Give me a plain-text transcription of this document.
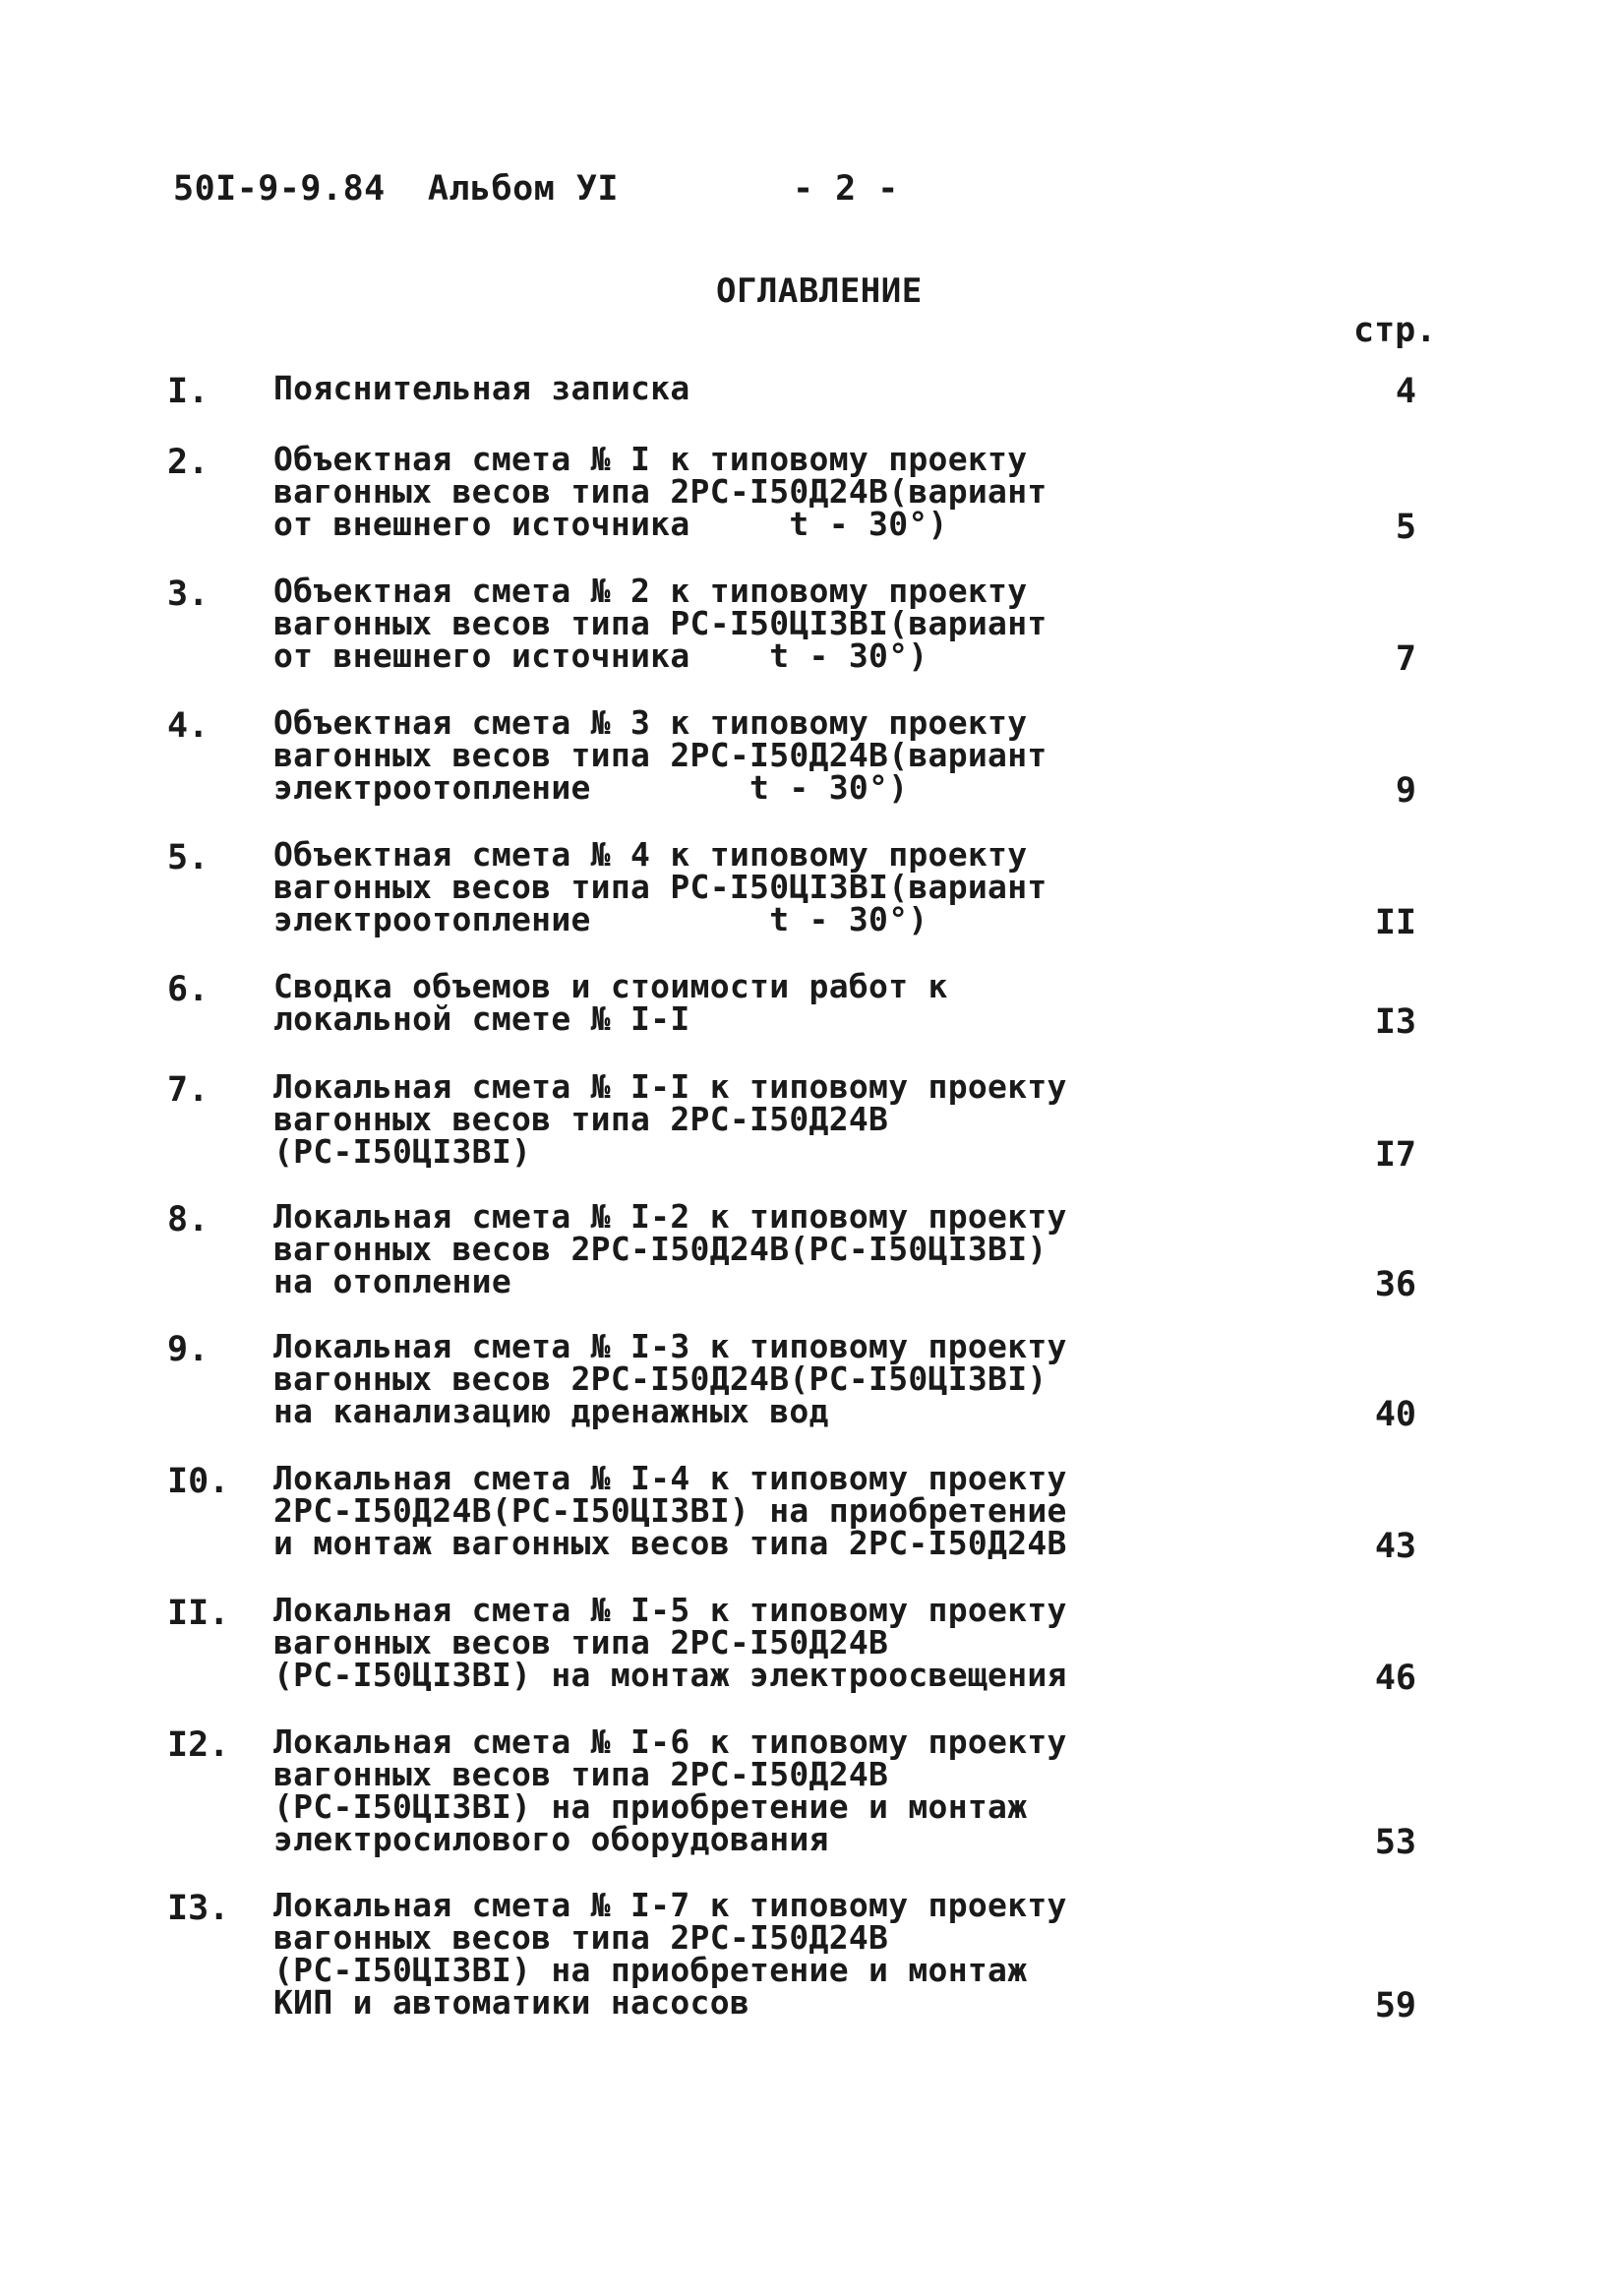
50I-9-9.84  Альбом УI	- 2 -
ОГЛАВЛЕНИЕ
стр.
I. Пояснительная записка	4
2. Объектная смета № I к типовому проекту
вагонных весов типа 2РС-I50Д24В(вариант
от внешнего источника     t - 30°)	5
3. Объектная смета № 2 к типовому проекту
вагонных весов типа РС-I50ЦI3ВI(вариант
от внешнего источника    t - 30°)	7
4. Объектная смета № 3 к типовому проекту
вагонных весов типа 2РС-I50Д24В(вариант
электроотопление        t - 30°)	9
5. Объектная смета № 4 к типовому проекту
вагонных весов типа РС-I50ЦI3ВI(вариант
электроотопление         t - 30°)	II
6. Сводка объемов и стоимости работ к
локальной смете № I-I	I3
7. Локальная смета № I-I к типовому проекту
вагонных весов типа 2РС-I50Д24В
(РС-I50ЦI3ВI)	I7
8. Локальная смета № I-2 к типовому проекту
вагонных весов 2РС-I50Д24В(РС-I50ЦI3ВI)
на отопление	36
9. Локальная смета № I-3 к типовому проекту
вагонных весов 2РС-I50Д24В(РС-I50ЦI3ВI)
на канализацию дренажных вод	40
I0. Локальная смета № I-4 к типовому проекту
2РС-I50Д24В(РС-I50ЦI3ВI) на приобретение
и монтаж вагонных весов типа 2РС-I50Д24В	43
II. Локальная смета № I-5 к типовому проекту
вагонных весов типа 2РС-I50Д24В
(РС-I50ЦI3ВI) на монтаж электроосвещения	46
I2. Локальная смета № I-6 к типовому проекту
вагонных весов типа 2РС-I50Д24В
(РС-I50ЦI3ВI) на приобретение и монтаж
электросилового оборудования	53
I3. Локальная смета № I-7 к типовому проекту
вагонных весов типа 2РС-I50Д24В
(РС-I50ЦI3ВI) на приобретение и монтаж
КИП и автоматики насосов	59
